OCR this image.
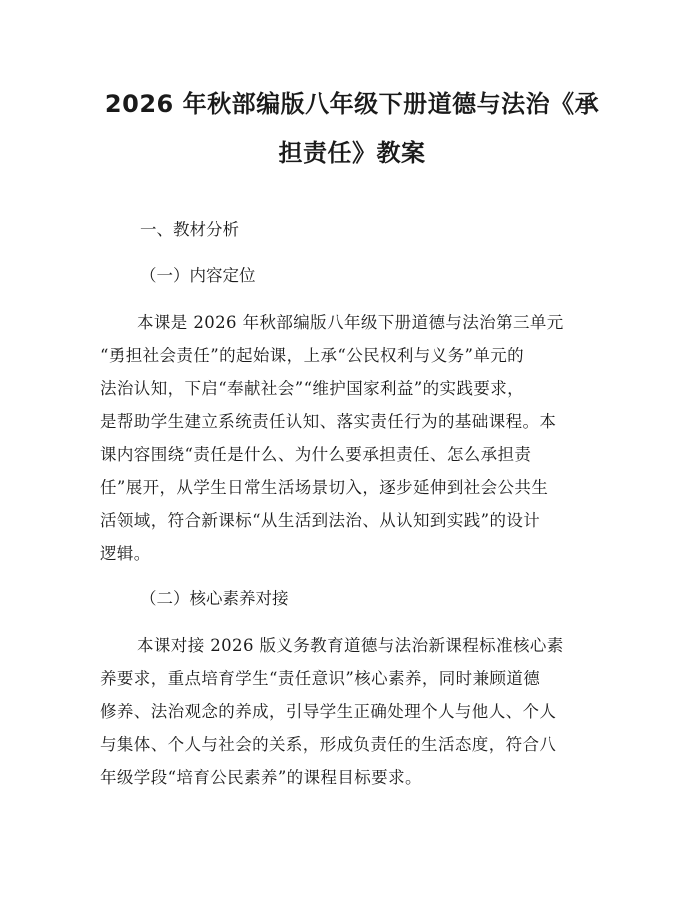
2026 年秋部编版八年级下册道德与法治《承
担责任》教案

一、教材分析

（一）内容定位

本课是 2026 年秋部编版八年级下册道德与法治第三单元
“勇担社会责任”的起始课，上承“公民权利与义务”单元的
法治认知，下启“奉献社会”“维护国家利益”的实践要求，
是帮助学生建立系统责任认知、落实责任行为的基础课程。本
课内容围绕“责任是什么、为什么要承担责任、怎么承担责
任”展开，从学生日常生活场景切入，逐步延伸到社会公共生
活领域，符合新课标“从生活到法治、从认知到实践”的设计
逻辑。

（二）核心素养对接

本课对接 2026 版义务教育道德与法治新课程标准核心素
养要求，重点培育学生“责任意识”核心素养，同时兼顾道德
修养、法治观念的养成，引导学生正确处理个人与他人、个人
与集体、个人与社会的关系，形成负责任的生活态度，符合八
年级学段“培育公民素养”的课程目标要求。
